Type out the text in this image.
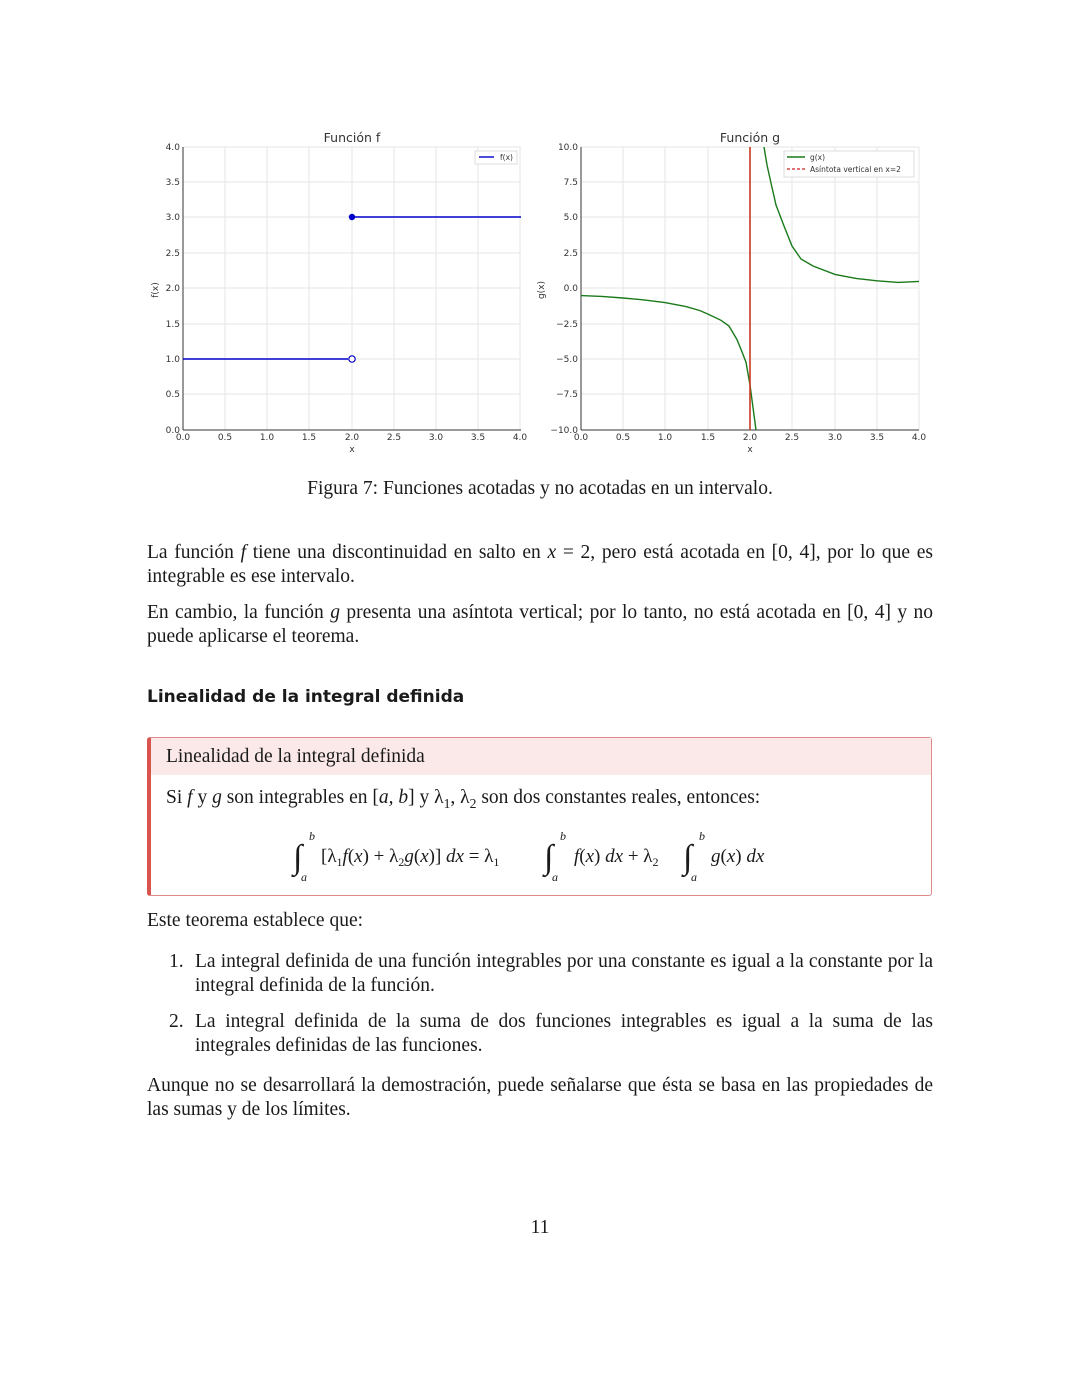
Función f
0.0
0.5
1.0
1.5
2.0
2.5
3.0
3.5
4.0
0.0	0.5	1.0	1.5	2.0	2.5	3.0	3.5	4.0
x
f(x)
f(x)
Función g
−10.0
−7.5
−5.0
−2.5
0.0
2.5
5.0
7.5
10.0
0.0	0.5	1.0	1.5	2.0	2.5	3.0	3.5	4.0
x
g(x)
g(x)
Asíntota vertical en x=2
Figura 7: Funciones acotadas y no acotadas en un intervalo.
La función f tiene una discontinuidad en salto en x = 2, pero está acotada en [0, 4], por lo que es integrable es ese intervalo.
En cambio, la función g presenta una asíntota vertical; por lo tanto, no está acotada en [0, 4] y no puede aplicarse el teorema.
Linealidad de la integral definida
Linealidad de la integral definida
Si f y g son integrables en [a, b] y $\lambda_1$, $\lambda_2$ son dos constantes reales, entonces:
∫
b
a
$[\lambda_1f(x) + \lambda_2g(x)]$ dx = $\lambda_1$ ∫
b
a
f(x) dx + $\lambda_2$ ∫
b
a
g(x) dx
Este teorema establece que:
1. La integral definida de una función integrables por una constante es igual a la constante por la integral definida de la función.
2. La integral definida de la suma de dos funciones integrables es igual a la suma de las integrales definidas de las funciones.
Aunque no se desarrollará la demostración, puede señalarse que ésta se basa en las propiedades de las sumas y de los límites.
11
